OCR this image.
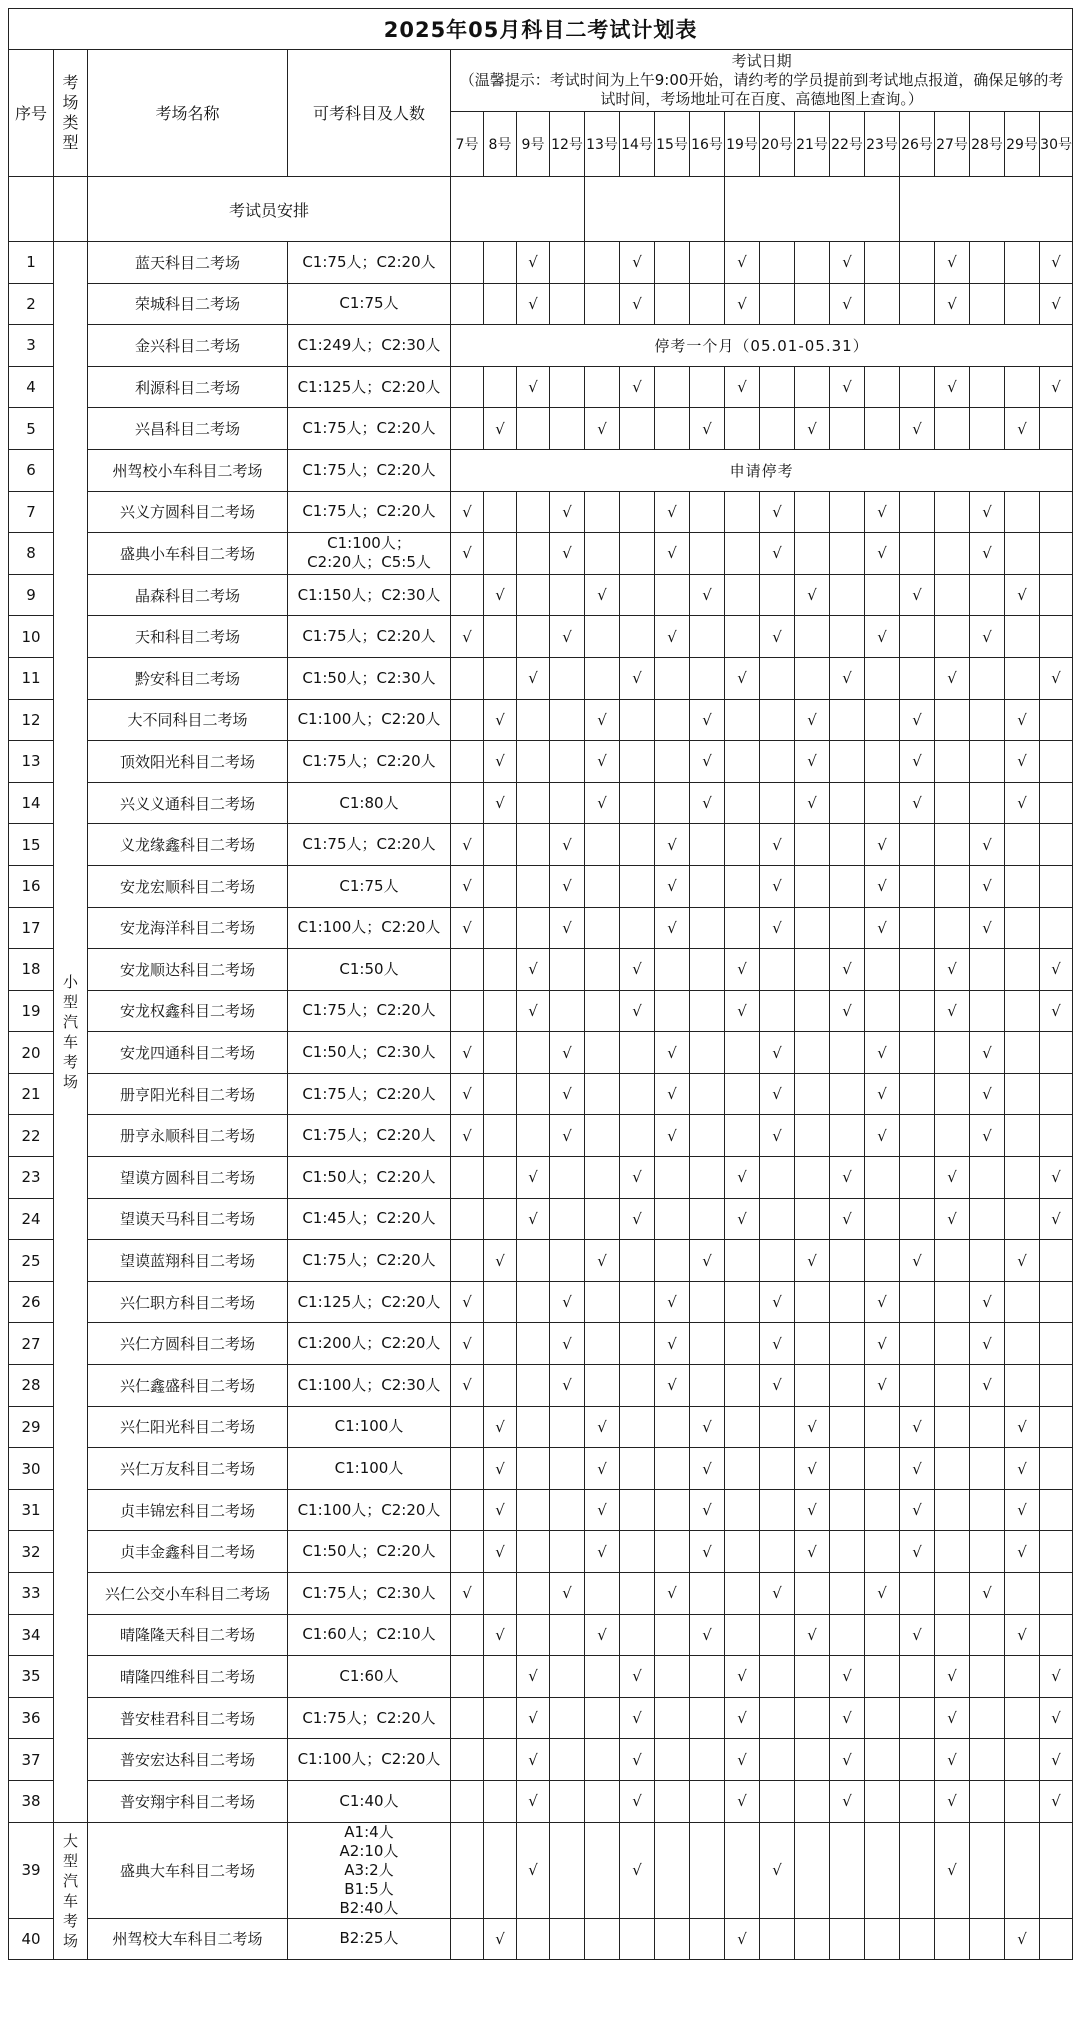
2025年05月科目二考试计划表																					
序号	考场类型	考场名称	可考科目及人数	考试日期
（温馨提示：考试时间为上午9:00开始，请约考的学员提前到考试地点报道，确保足够的考试时间，考场地址可在百度、高德地图上查询。）																	

				7号	8号	9号	12号	13号	14号	15号	16号	19号	20号	21号	22号	23号	26号	27号	28号	29号	30号
		考试员安排																			
1	小型汽车考场	蓝天科目二考场	C1:75人；C2:20人			√			√			√			√			√			√
2		荣城科目二考场	C1:75人			√			√			√			√			√			√
3		金兴科目二考场	C1:249人；C2:30人	停考一个月（05.01-05.31）																	
4		利源科目二考场	C1:125人；C2:20人			√			√			√			√			√			√
5		兴昌科目二考场	C1:75人；C2:20人		√			√			√			√			√			√	
6		州驾校小车科目二考场	C1:75人；C2:20人	申请停考																	
7		兴义方圆科目二考场	C1:75人；C2:20人	√			√			√			√			√			√		
8		盛典小车科目二考场	C1:100人；
C2:20人；C5:5人	√			√			√			√			√			√		
9		晶森科目二考场	C1:150人；C2:30人		√			√			√			√			√			√	
10		天和科目二考场	C1:75人；C2:20人	√			√			√			√			√			√		
11		黔安科目二考场	C1:50人；C2:30人			√			√			√			√			√			√
12		大不同科目二考场	C1:100人；C2:20人		√			√			√			√			√			√	
13		顶效阳光科目二考场	C1:75人；C2:20人		√			√			√			√			√			√	
14		兴义义通科目二考场	C1:80人		√			√			√			√			√			√	
15		义龙缘鑫科目二考场	C1:75人；C2:20人	√			√			√			√			√			√		
16		安龙宏顺科目二考场	C1:75人	√			√			√			√			√			√		
17		安龙海洋科目二考场	C1:100人；C2:20人	√			√			√			√			√			√		
18		安龙顺达科目二考场	C1:50人			√			√			√			√			√			√
19		安龙权鑫科目二考场	C1:75人；C2:20人			√			√			√			√			√			√
20		安龙四通科目二考场	C1:50人；C2:30人	√			√			√			√			√			√		
21		册亨阳光科目二考场	C1:75人；C2:20人	√			√			√			√			√			√		
22		册亨永顺科目二考场	C1:75人；C2:20人	√			√			√			√			√			√		
23		望谟方圆科目二考场	C1:50人；C2:20人			√			√			√			√			√			√
24		望谟天马科目二考场	C1:45人；C2:20人			√			√			√			√			√			√
25		望谟蓝翔科目二考场	C1:75人；C2:20人		√			√			√			√			√			√	
26		兴仁职方科目二考场	C1:125人；C2:20人	√			√			√			√			√			√		
27		兴仁方圆科目二考场	C1:200人；C2:20人	√			√			√			√			√			√		
28		兴仁鑫盛科目二考场	C1:100人；C2:30人	√			√			√			√			√			√		
29		兴仁阳光科目二考场	C1:100人		√			√			√			√			√			√	
30		兴仁万友科目二考场	C1:100人		√			√			√			√			√			√	
31		贞丰锦宏科目二考场	C1:100人；C2:20人		√			√			√			√			√			√	
32		贞丰金鑫科目二考场	C1:50人；C2:20人		√			√			√			√			√			√	
33		兴仁公交小车科目二考场	C1:75人；C2:30人	√			√			√			√			√			√		
34		晴隆隆天科目二考场	C1:60人；C2:10人		√			√			√			√			√			√	
35		晴隆四维科目二考场	C1:60人			√			√			√			√			√			√
36		普安桂君科目二考场	C1:75人；C2:20人			√			√			√			√			√			√
37		普安宏达科目二考场	C1:100人；C2:20人			√			√			√			√			√			√
38		普安翔宇科目二考场	C1:40人			√			√			√			√			√			√
39	大型汽车考场	盛典大车科目二考场	A1:4人
A2:10人
A3:2人
B1:5人
B2:40人			√			√				√					√			
40		州驾校大车科目二考场	B2:25人		√							√								√	
